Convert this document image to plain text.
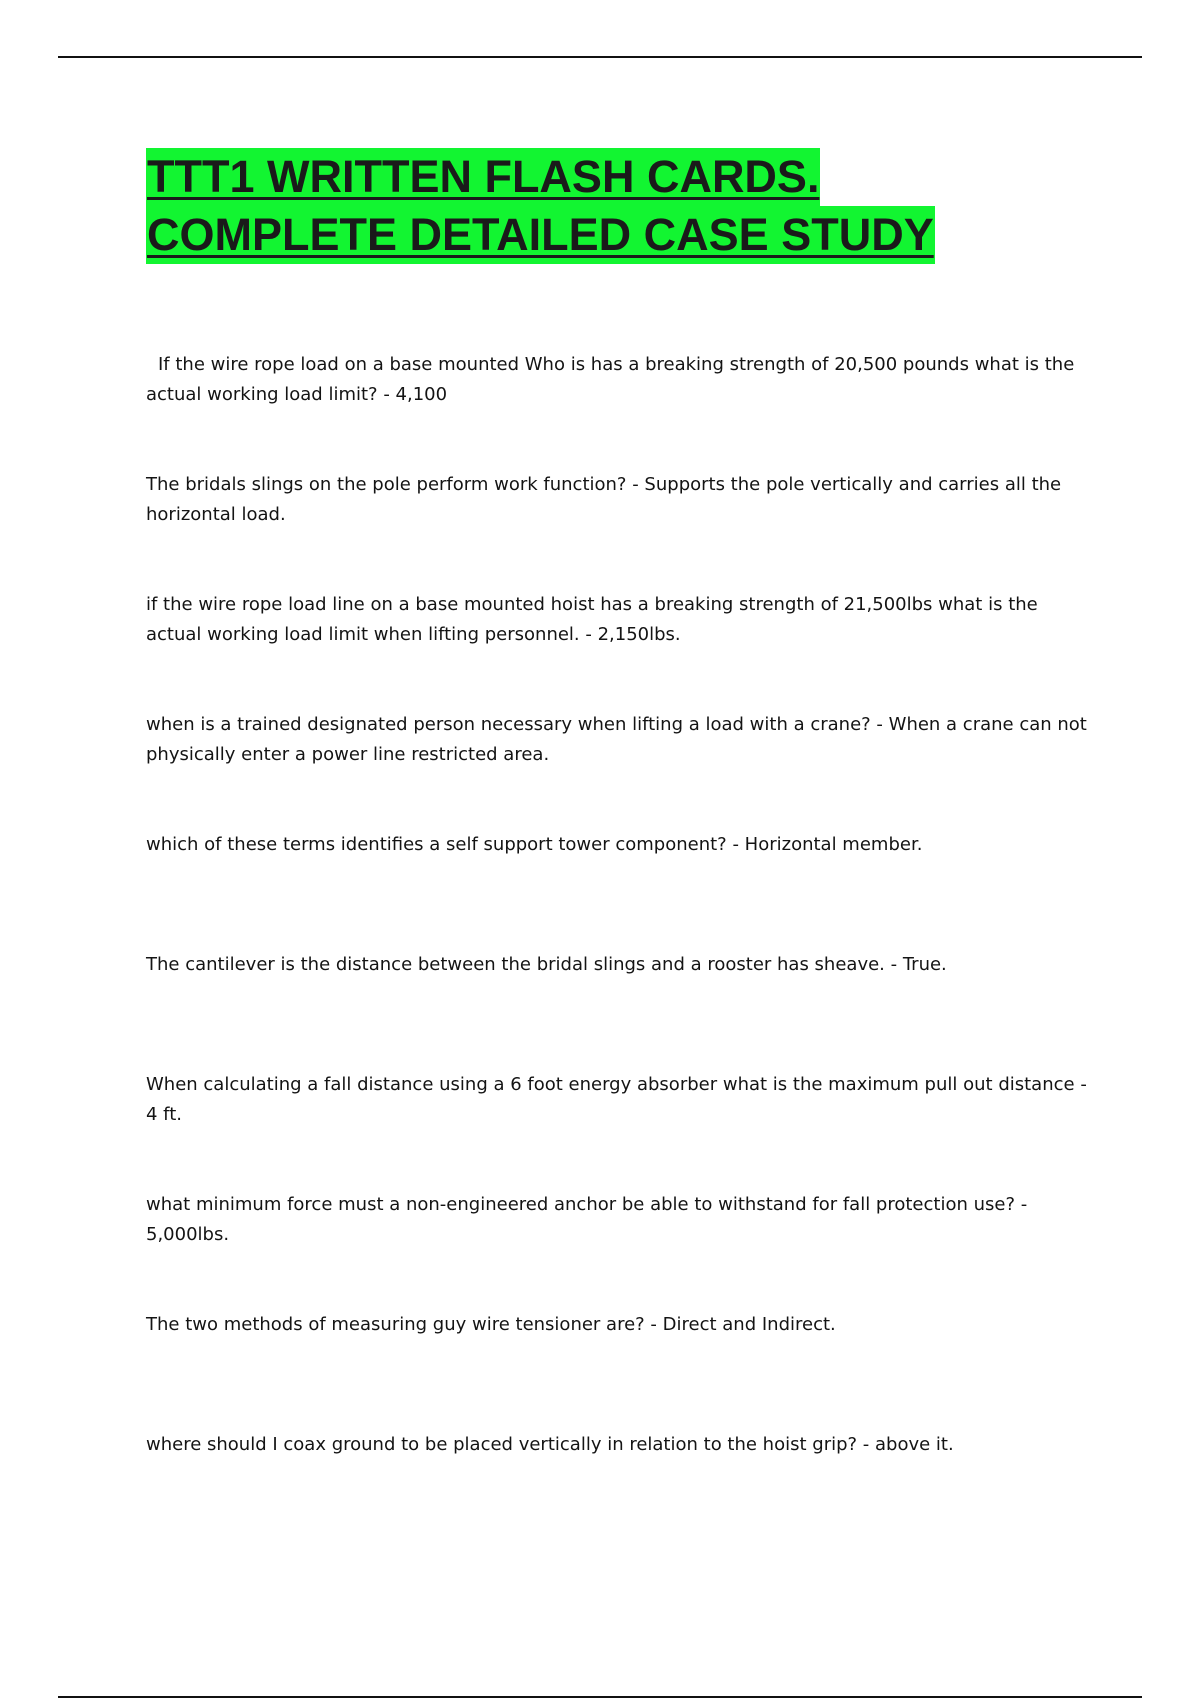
TTT1 WRITTEN FLASH CARDS.
COMPLETE DETAILED CASE STUDY
If the wire rope load on a base mounted Who is has a breaking strength of 20,500 pounds what is the actual working load limit? - 4,100
The bridals slings on the pole perform work function? - Supports the pole vertically and carries all the horizontal load.
if the wire rope load line on a base mounted hoist has a breaking strength of 21,500lbs what is the actual working load limit when lifting personnel. - 2,150lbs.
when is a trained designated person necessary when lifting a load with a crane? - When a crane can not physically enter a power line restricted area.
which of these terms identifies a self support tower component? - Horizontal member.
The cantilever is the distance between the bridal slings and a rooster has sheave. - True.
When calculating a fall distance using a 6 foot energy absorber what is the maximum pull out distance - 4 ft.
what minimum force must a non-engineered anchor be able to withstand for fall protection use? - 5,000lbs.
The two methods of measuring guy wire tensioner are? - Direct and Indirect.
where should I coax ground to be placed vertically in relation to the hoist grip? - above it.
